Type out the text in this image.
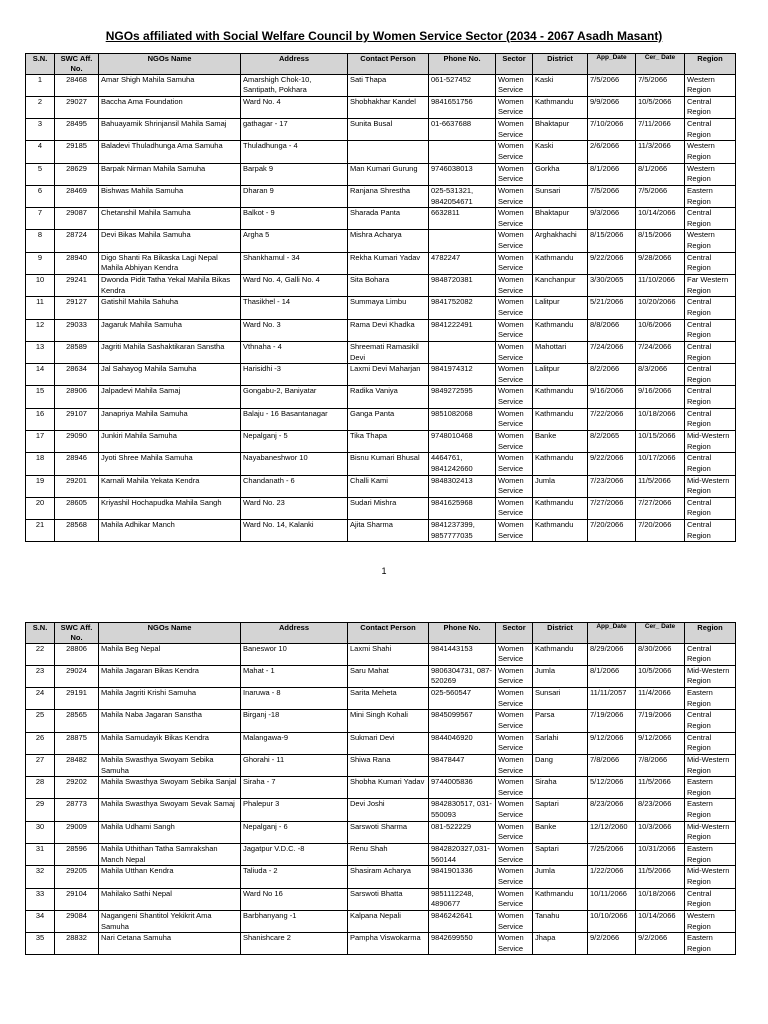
NGOs affiliated with Social Welfare Council by Women Service Sector (2034 - 2067 Asadh Masant)
S.N.	SWC Aff. No.	NGOs Name	Address	Contact Person	Phone No.	Sector	District	App_Date	Cer_ Date	Region
1	28468	Amar Shigh Mahila Samuha	Amarshigh Chok-10, Santipath, Pokhara	Sati Thapa	061-527452	Women Service	Kaski	7/5/2066	7/5/2066	Western Region
2	29027	Baccha Ama Foundation	Ward No. 4	Shobhakhar Kandel	9841651756	Women Service	Kathmandu	9/9/2066	10/5/2066	Central Region
3	28495	Bahuayamik Shrinjansil Mahila Samaj	gathagar - 17	Sunita Busal	01-6637688	Women Service	Bhaktapur	7/10/2066	7/11/2066	Central Region
4	29185	Baladevi Thuladhunga Ama Samuha	Thuladhunga - 4			Women Service	Kaski	2/6/2066	11/3/2066	Western Region
5	28629	Barpak Nirman Mahila Samuha	Barpak 9	Man Kumari Gurung	9746038013	Women Service	Gorkha	8/1/2066	8/1/2066	Western Region
6	28469	Bishwas Mahila Samuha	Dharan 9	Ranjana Shrestha	025-531321, 9842054671	Women Service	Sunsari	7/5/2066	7/5/2066	Eastern Region
7	29087	Chetanshil Mahila Samuha	Balkot - 9	Sharada Panta	6632811	Women Service	Bhaktapur	9/3/2066	10/14/2066	Central Region
8	28724	Devi Bikas Mahila Samuha	Argha 5	Mishra Acharya		Women Service	Arghakhachi	8/15/2066	8/15/2066	Western Region
9	28940	Digo Shanti Ra Bikaska Lagi Nepal Mahila Abhiyan Kendra	Shankhamul - 34	Rekha Kumari Yadav	4782247	Women Service	Kathmandu	9/22/2066	9/28/2066	Central Region
10	29241	Dwonda Pidit Tatha Yekal Mahila Bikas Kendra	Ward No. 4, Galli No. 4	Sita Bohara	9848720381	Women Service	Kanchanpur	3/30/2065	11/10/2066	Far Western Region
11	29127	Gatishil Mahila Sahuha	Thasikhel - 14	Summaya Limbu	9841752082	Women Service	Lalitpur	5/21/2066	10/20/2066	Central Region
12	29033	Jagaruk Mahila Samuha	Ward No. 3	Rama Devi Khadka	9841222491	Women Service	Kathmandu	8/8/2066	10/6/2066	Central Region
13	28589	Jagriti Mahila Sashaktikaran Sanstha	Vthnaha - 4	Shreemati Ramasikil Devi		Women Service	Mahottari	7/24/2066	7/24/2066	Central Region
14	28634	Jal Sahayog Mahila Samuha	Harisidhi -3	Laxmi Devi Maharjan	9841974312	Women Service	Lalitpur	8/2/2066	8/3/2066	Central Region
15	28906	Jalpadevi Mahila Samaj	Gongabu-2, Baniyatar	Radika Vaniya	9849272595	Women Service	Kathmandu	9/16/2066	9/16/2066	Central Region
16	29107	Janapriya Mahila Samuha	Balaju - 16 Basantanagar	Ganga Panta	9851082068	Women Service	Kathmandu	7/22/2066	10/18/2066	Central Region
17	29090	Junkiri Mahila Samuha	Nepalganj - 5	Tika Thapa	9748010468	Women Service	Banke	8/2/2065	10/15/2066	Mid-Western Region
18	28946	Jyoti Shree Mahila Samuha	Nayabaneshwor 10	Bisnu Kumari Bhusal	4464761, 9841242660	Women Service	Kathmandu	9/22/2066	10/17/2066	Central Region
19	29201	Karnali Mahila Yekata Kendra	Chandanath - 6	Challi Kami	9848302413	Women Service	Jumla	7/23/2066	11/5/2066	Mid-Western Region
20	28605	Kriyashil Hochapudka Mahila Sangh	Ward No. 23	Sudari Mishra	9841625968	Women Service	Kathmandu	7/27/2066	7/27/2066	Central Region
21	28568	Mahila Adhikar Manch	Ward No. 14, Kalanki	Ajita Sharma	9841237399, 9857777035	Women Service	Kathmandu	7/20/2066	7/20/2066	Central Region
1
S.N.	SWC Aff. No.	NGOs Name	Address	Contact Person	Phone No.	Sector	District	App_Date	Cer_ Date	Region
22	28806	Mahila Beg Nepal	Baneswor 10	Laxmi Shahi	9841443153	Women Service	Kathmandu	8/29/2066	8/30/2066	Central Region
23	29024	Mahila Jagaran Bikas Kendra	Mahat - 1	Saru Mahat	9806304731, 087- 520269	Women Service	Jumla	8/1/2066	10/5/2066	Mid-Western Region
24	29191	Mahila Jagriti Krishi Samuha	Inaruwa - 8	Sarita Meheta	025-560547	Women Service	Sunsari	11/11/2057	11/4/2066	Eastern Region
25	28565	Mahila Naba Jagaran Sanstha	Birganj -18	Mini Singh Kohali	9845099567	Women Service	Parsa	7/19/2066	7/19/2066	Central Region
26	28875	Mahila Samudayik Bikas Kendra	Malangawa-9	Sukmari Devi	9844046920	Women Service	Sarlahi	9/12/2066	9/12/2066	Central Region
27	28482	Mahila Swasthya Swoyam Sebika Samuha	Ghorahi - 11	Shiwa Rana	98478447	Women Service	Dang	7/8/2066	7/8/2066	Mid-Western Region
28	29202	Mahila Swasthya Swoyam Sebika Sanjal	Siraha - 7	Shobha Kumari Yadav	9744005836	Women Service	Siraha	5/12/2066	11/5/2066	Eastern Region
29	28773	Mahila Swasthya Swoyam Sevak Samaj	Phalepur 3	Devi Joshi	9842830517, 031- 550093	Women Service	Saptari	8/23/2066	8/23/2066	Eastern Region
30	29009	Mahila Udhami Sangh	Nepalganj - 6	Sarswoti Sharma	081-522229	Women Service	Banke	12/12/2060	10/3/2066	Mid-Western Region
31	28596	Mahila Uthithan Tatha Samrakshan Manch Nepal	Jagatpur V.D.C. -8	Renu Shah	9842820327,031- 560144	Women Service	Saptari	7/25/2066	10/31/2066	Eastern Region
32	29205	Mahila Utthan Kendra	Taliuda - 2	Shasiram Acharya	9841901336	Women Service	Jumla	1/22/2066	11/5/2066	Mid-Western Region
33	29104	Mahilako Sathi Nepal	Ward No 16	Sarswoti Bhatta	9851112248, 4890677	Women Service	Kathmandu	10/11/2066	10/18/2066	Central Region
34	29084	Nagangeni Shantitol Yekikrit Ama Samuha	Barbhanyang -1	Kalpana Nepali	9846242641	Women Service	Tanahu	10/10/2066	10/14/2066	Western Region
35	28832	Nari Cetana Samuha	Shanishcare 2	Pampha Viswokarma	9842699550	Women Service	Jhapa	9/2/2066	9/2/2066	Eastern Region
